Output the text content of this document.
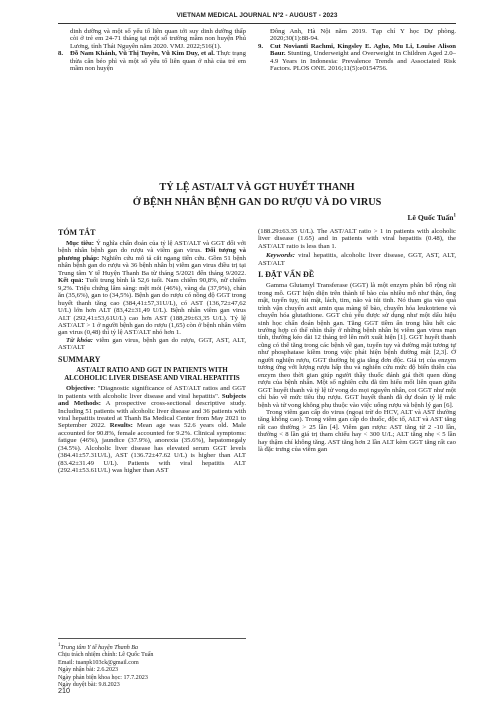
VIETNAM MEDICAL JOURNAL Nº2 - AUGUST - 2023
dinh dưỡng và một số yếu tố liên quan tới suy dinh dưỡng thấp còi ở trẻ em 24-71 tháng tại một số trường mầm non huyện Phú Lương, tỉnh Thái Nguyên năm 2020. VMJ. 2022;516(1).
8.	Đỗ Nam Khánh, Vũ Thị Tuyên, Vũ Kim Duy, et al. Thực trạng thừa cân béo phì và một số yếu tố liên quan ở nhà của trẻ em mầm non huyện
Đông Anh, Hà Nội năm 2019. Tạp chí Y học Dự phòng. 2020;30(1):88-94.
9.	Cut Novianti Rachmi, Kingsley E. Agho, Mu Li, Louise Alison Baur. Stunting, Underweight and Overweight in Children Aged 2.0–4.9 Years in Indonesia: Prevalence Trends and Associated Risk Factors. PLOS ONE. 2016;11(5):e0154756.
TỶ LỆ AST/ALT VÀ GGT HUYẾT THANH
Ở BỆNH NHÂN BỆNH GAN DO RƯỢU VÀ DO VIRUS
Lê Quốc Tuấn$^1$
TÓM TẮT

Mục tiêu: Ý nghĩa chẩn đoán của tỷ lệ AST/ALT và GGT đối với bệnh nhân bệnh gan do rượu và viêm gan virus. Đối tượng và phương pháp: Nghiên cứu mô tả cắt ngang tiến cứu. Gồm 51 bệnh nhân bệnh gan do rượu và 36 bệnh nhân bị viêm gan virus điều trị tại Trung tâm Y tế Huyện Thanh Ba từ tháng 5/2021 đến tháng 9/2022. Kết quả: Tuổi trung bình là 52,6 tuổi. Nam chiếm 90,8%, nữ chiếm 9,2%. Triệu chứng lâm sàng: mệt mỏi (46%), vàng da (37,9%), chán ăn (35,6%), gan to (34,5%). Bệnh gan do rượu có nồng độ GGT trong huyết thanh tăng cao (384,41±57,31U/L), có AST (136,72±47,62 U/L) lớn hơn ALT (83,42±31,49 U/L). Bệnh nhân viêm gan virus ALT (292,41±53,61U/L) cao hơn AST (188,29±63,35 U/L). Tỷ lệ AST/ALT > 1 ở người bệnh gan do rượu (1,65) còn ở bệnh nhân viêm gan virus (0,48) thì tỷ lệ AST/ALT nhỏ hơn 1.

Từ khóa: viêm gan virus, bệnh gan do rượu, GGT, AST, ALT, AST/ALT

SUMMARY
AST/ALT RATIO AND GGT IN PATIENTS WITH ALCOHOLIC LIVER DISEASE AND VIRAL HEPATITIS

Objective: "Diagnostic significance of AST/ALT ratios and GGT in patients with alcoholic liver disease and viral hepatitis". Subjects and Methods: A prospective cross-sectional descriptive study. Including 51 patients with alcoholic liver disease and 36 patients with viral hepatitis treated at Thanh Ba Medical Center from May 2021 to September 2022. Results: Mean age was 52.6 years old. Male accounted for 90.8%, female accounted for 9.2%. Clinical symptoms: fatigue (46%), jaundice (37.9%), anorexia (35.6%), hepatomegaly (34.5%). Alcoholic liver disease has elevated serum GGT levels (384.41±57.31U/L), AST (136.72±47.62 U/L) is higher than ALT (83.42±31.49 U/L). Patients with viral hepatitis ALT (292.41±53.61U/L) was higher than AST

(188.29±63.35 U/L). The AST/ALT ratio > 1 in patients with alcoholic liver disease (1.65) and in patients with viral hepatitis (0.48), the AST/ALT ratio is less than 1.

Keywords: viral hepatitis, alcoholic liver disease, GGT, AST, ALT, AST/ALT

I. ĐẶT VẤN ĐỀ

Gamma Glutamyl Transferase (GGT) là một enzym phân bố rộng rãi trong mô. GGT hiện diện trên thành tế bào của nhiều mô như thận, ống mật, tuyến tụy, túi mật, lách, tim, não và túi tinh. Nó tham gia vào quá trình vận chuyển axit amin qua màng tế bào, chuyển hóa leukotriene và chuyển hóa glutathione. GGT chủ yếu được sử dụng như một dấu hiệu sinh học chẩn đoán bệnh gan. Tăng GGT tiềm ẩn trong hầu hết các trường hợp có thể nhìn thấy ở những bệnh nhân bị viêm gan virus mạn tính, thường kéo dài 12 tháng trở lên mới xuất hiện [1]. GGT huyết thanh cũng có thể tăng trong các bệnh về gan, tuyến tụy và đường mật tương tự như phosphatase kiềm trong việc phát hiện bệnh đường mật [2,3]. Ở người nghiện rượu, GGT thường bị gia tăng đơn độc. Giá trị của enzym tương ứng với lượng rượu hấp thu và nghiên cứu mức độ biến thiên của enzym theo thời gian giúp người thầy thuốc đánh giá thời quen dùng rượu của bệnh nhân. Một số nghiên cứu đã tìm hiểu mối liên quan giữa GGT huyết thanh và tỷ lệ tử vong do mọi nguyên nhân, coi GGT như một chỉ báo về mức tiêu thụ rượu. GGT huyết thanh đã dự đoán tỷ lệ mắc bệnh và tử vong không phụ thuộc vào việc uống rượu và bệnh lý gan [6].

Trong viêm gan cấp do virus (ngoại trừ do HCV, ALT và AST thường tăng không cao). Trong viêm gan cấp do thuốc, độc tố, ALT và AST tăng rất cao thường > 25 lần [4]. Viêm gan rượu: AST tăng từ 2 -10 lần, thường < 8 lần giá trị tham chiếu hay < 300 U/L; ALT tăng nhẹ < 5 lần hay thậm chí không tăng. AST tăng hơn 2 lần ALT kèm GGT tăng rất cao là đặc trưng của viêm gan

$^1$Trung tâm Y tế huyện Thanh Ba
Chịu trách nhiệm chính: Lê Quốc Tuấn
Email: tuanpk103ck@gmail.com
Ngày nhận bài: 2.6.2023
Ngày phản biện khoa học: 17.7.2023
Ngày duyệt bài: 9.8.2023
210
